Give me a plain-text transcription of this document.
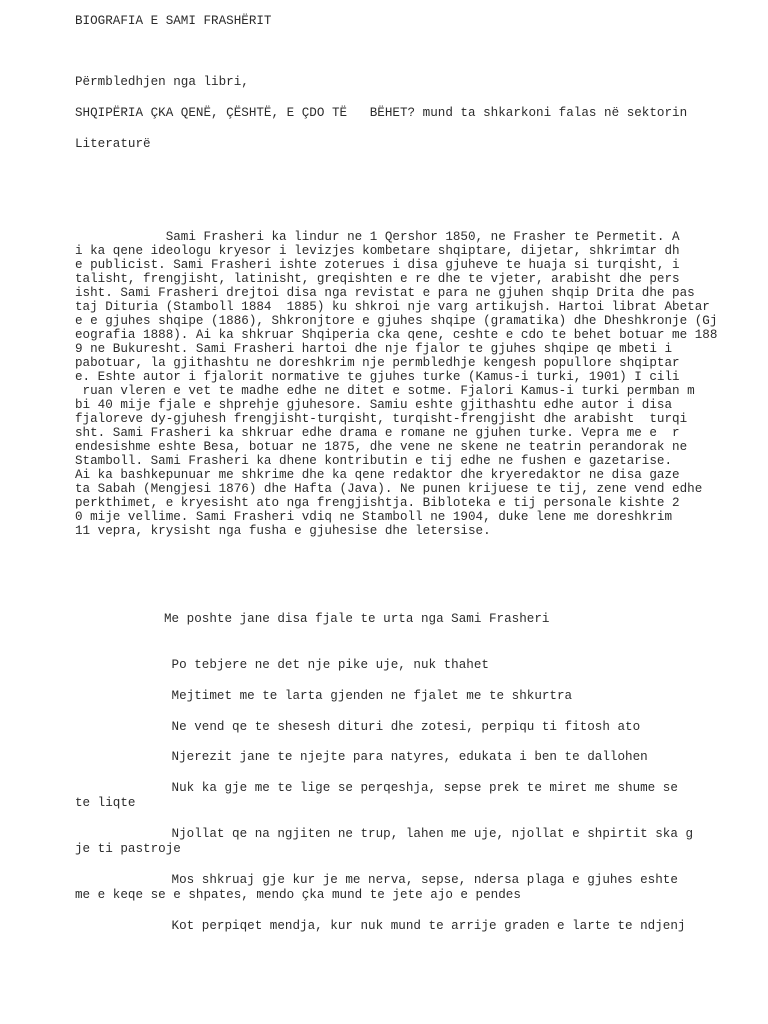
BIOGRAFIA E SAMI FRASHËRIT

Përmbledhjen nga libri,

SHQIPËRIA ÇKA QENË, ÇËSHTË, E ÇDO TË   BËHET? mund ta shkarkoni falas në sektorin

Literaturë

Sami Frasheri ka lindur ne 1 Qershor 1850, ne Frasher te Permetit. A

i ka qene ideologu kryesor i levizjes kombetare shqiptare, dijetar, shkrimtar dh

e publicist. Sami Frasheri ishte zoterues i disa gjuheve te huaja si turqisht, i

talisht, frengjisht, latinisht, greqishten e re dhe te vjeter, arabisht dhe pers

isht. Sami Frasheri drejtoi disa nga revistat e para ne gjuhen shqip Drita dhe pas

taj Dituria (Stamboll 1884  1885) ku shkroi nje varg artikujsh. Hartoi librat Abetar

e e gjuhes shqipe (1886), Shkronjtore e gjuhes shqipe (gramatika) dhe Dheshkronje (Gj

eografia 1888). Ai ka shkruar Shqiperia cka qene, ceshte e cdo te behet botuar me 188

9 ne Bukuresht. Sami Frasheri hartoi dhe nje fjalor te gjuhes shqipe qe mbeti i

pabotuar, la gjithashtu ne doreshkrim nje permbledhje kengesh popullore shqiptar

e. Eshte autor i fjalorit normative te gjuhes turke (Kamus-i turki, 1901) I cili

ruan vleren e vet te madhe edhe ne ditet e sotme. Fjalori Kamus-i turki permban m

bi 40 mije fjale e shprehje gjuhesore. Samiu eshte gjithashtu edhe autor i disa

fjaloreve dy-gjuhesh frengjisht-turqisht, turqisht-frengjisht dhe arabisht  turqi

sht. Sami Frasheri ka shkruar edhe drama e romane ne gjuhen turke. Vepra me e  r

endesishme eshte Besa, botuar ne 1875, dhe vene ne skene ne teatrin perandorak ne

Stamboll. Sami Frasheri ka dhene kontributin e tij edhe ne fushen e gazetarise.

Ai ka bashkepunuar me shkrime dhe ka qene redaktor dhe kryeredaktor ne disa gaze

ta Sabah (Mengjesi 1876) dhe Hafta (Java). Ne punen krijuese te tij, zene vend edhe

perkthimet, e kryesisht ato nga frengjishtja. Bibloteka e tij personale kishte 2

0 mije vellime. Sami Frasheri vdiq ne Stamboll ne 1904, duke lene me doreshkrim

11 vepra, krysisht nga fusha e gjuhesise dhe letersise.

Me poshte jane disa fjale te urta nga Sami Frasheri

Po tebjere ne det nje pike uje, nuk thahet

Mejtimet me te larta gjenden ne fjalet me te shkurtra

Ne vend qe te shesesh dituri dhe zotesi, perpiqu ti fitosh ato

Njerezit jane te njejte para natyres, edukata i ben te dallohen

Nuk ka gje me te lige se perqeshja, sepse prek te miret me shume se

te liqte

Njollat qe na ngjiten ne trup, lahen me uje, njollat e shpirtit ska g

je ti pastroje

Mos shkruaj gje kur je me nerva, sepse, ndersa plaga e gjuhes eshte

me e keqe se e shpates, mendo çka mund te jete ajo e pendes

Kot perpiqet mendja, kur nuk mund te arrije graden e larte te ndjenj
